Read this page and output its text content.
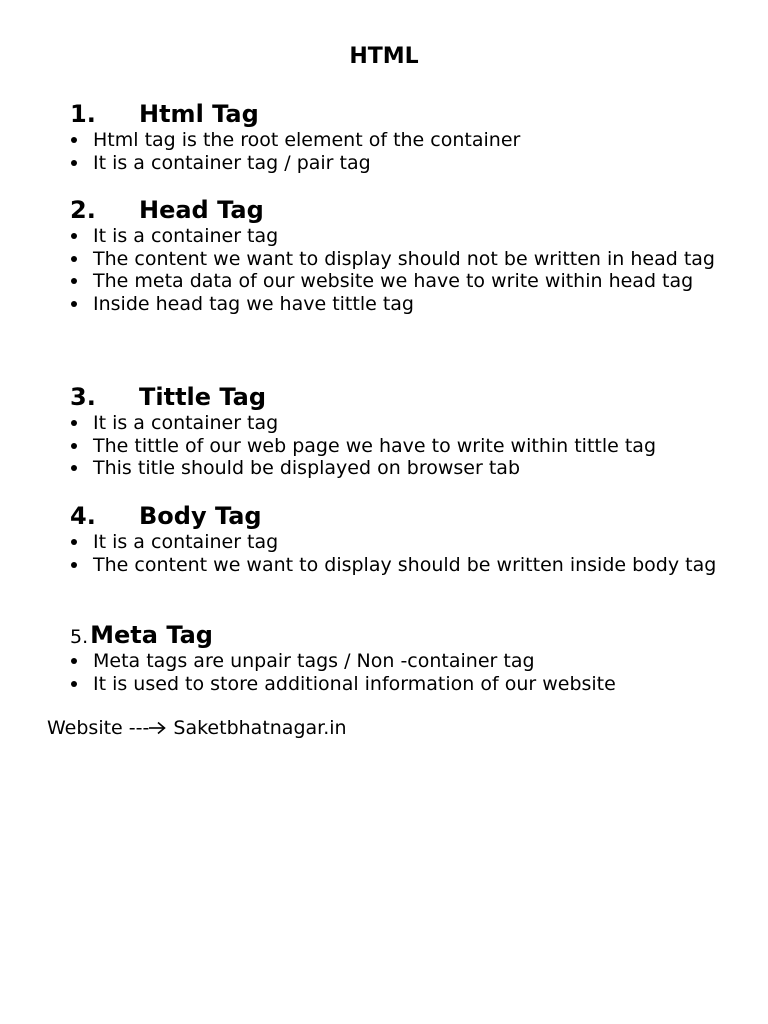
HTML
1. Html Tag
Html tag is the root element of the container
It is a container tag / pair tag
2. Head Tag
It is a container tag
The content we want to display should not be written in head tag
The meta data of our website we have to write within head tag
Inside head tag we have tittle tag
3. Tittle Tag
It is a container tag
The tittle of our web page we have to write within tittle tag
This title should be displayed on browser tab
4. Body Tag
It is a container tag
The content we want to display should be written inside body tag
5.Meta Tag
Meta tags are unpair tags / Non -container tag
It is used to store additional information of our website
Website --- Saketbhatnagar.in
